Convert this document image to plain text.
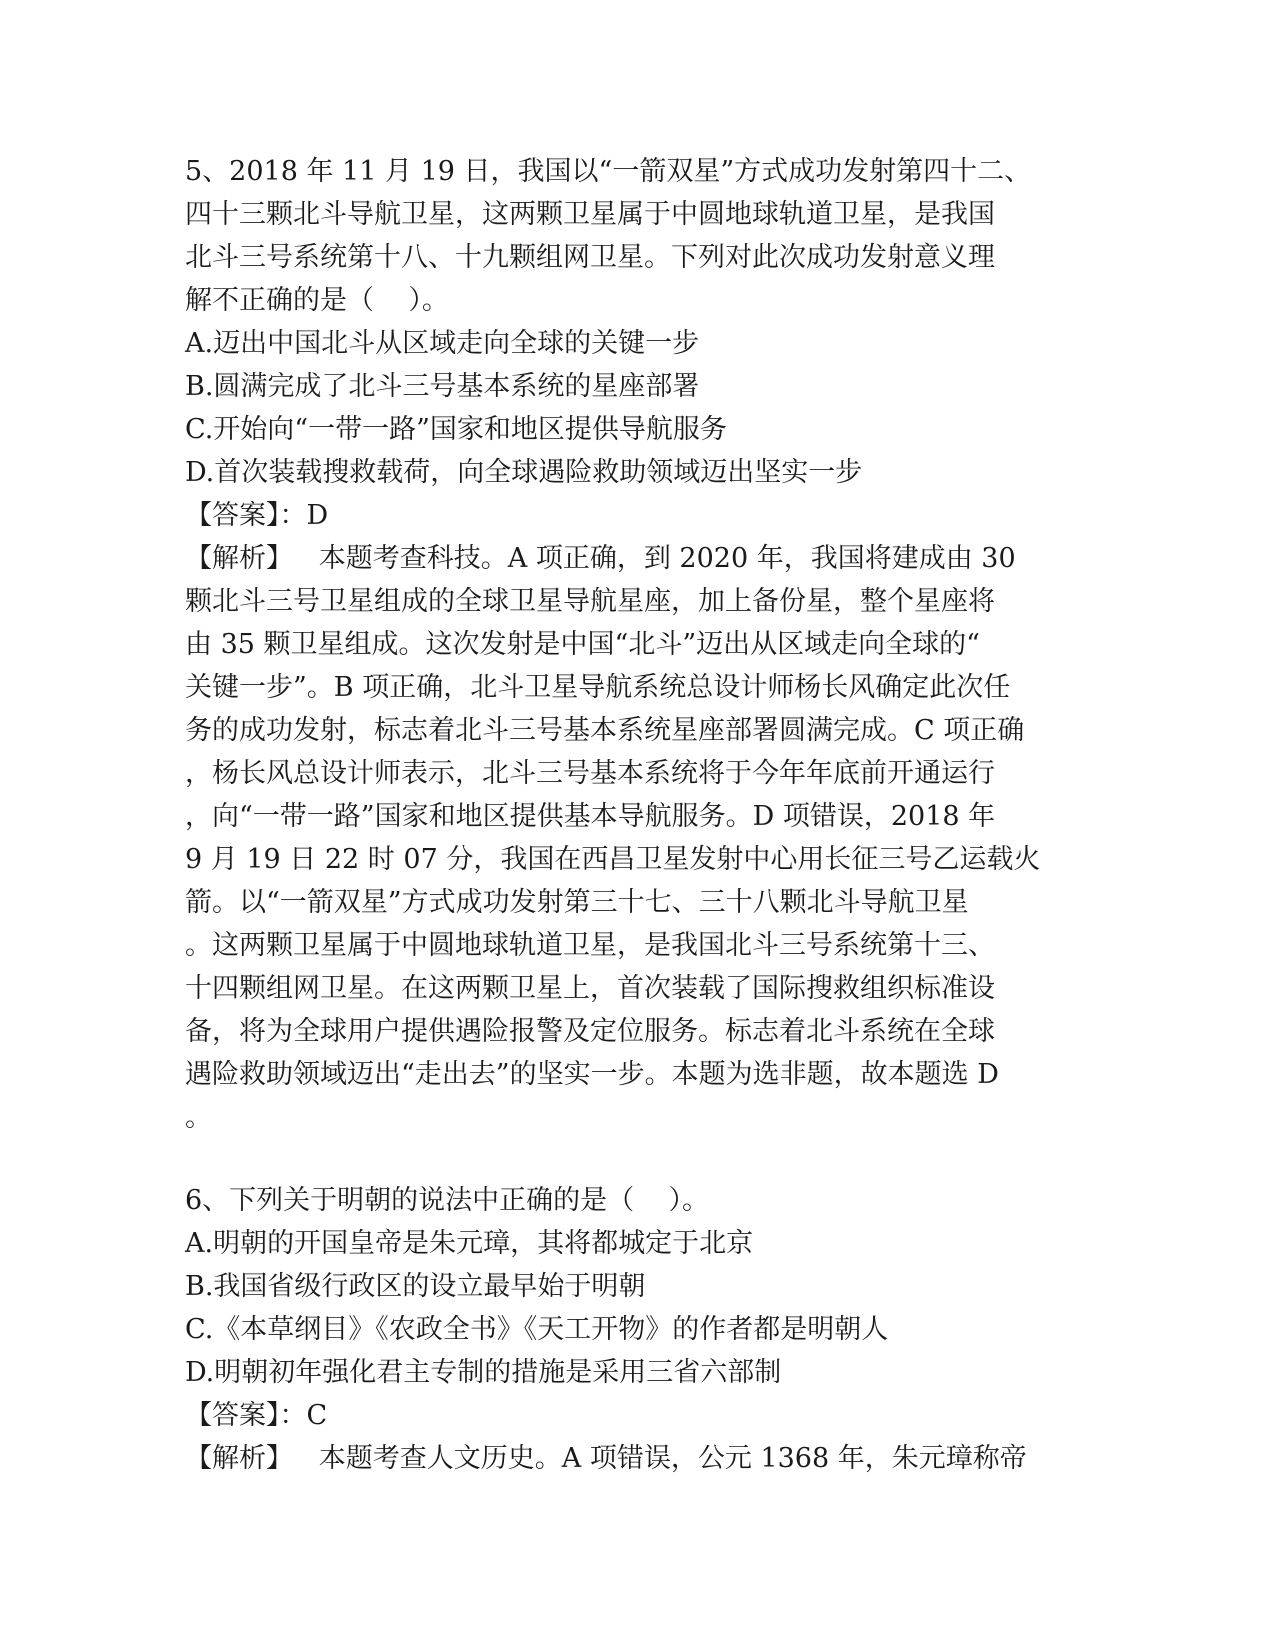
5、2018 年 11 月 19 日，我国以“一箭双星”方式成功发射第四十二、
四十三颗北斗导航卫星，这两颗卫星属于中圆地球轨道卫星，是我国
北斗三号系统第十八、十九颗组网卫星。下列对此次成功发射意义理
解不正确的是（    ）。
A.迈出中国北斗从区域走向全球的关键一步
B.圆满完成了北斗三号基本系统的星座部署
C.开始向“一带一路”国家和地区提供导航服务
D.首次装载搜救载荷，向全球遇险救助领域迈出坚实一步
【答案】：D
【解析】   本题考查科技。A 项正确，到 2020 年，我国将建成由 30
颗北斗三号卫星组成的全球卫星导航星座，加上备份星，整个星座将
由 35 颗卫星组成。这次发射是中国“北斗”迈出从区域走向全球的“
关键一步”。B 项正确，北斗卫星导航系统总设计师杨长风确定此次任
务的成功发射，标志着北斗三号基本系统星座部署圆满完成。C 项正确
，杨长风总设计师表示，北斗三号基本系统将于今年年底前开通运行
，向“一带一路”国家和地区提供基本导航服务。D 项错误，2018 年
9 月 19 日 22 时 07 分，我国在西昌卫星发射中心用长征三号乙运载火
箭。以“一箭双星”方式成功发射第三十七、三十八颗北斗导航卫星
。这两颗卫星属于中圆地球轨道卫星，是我国北斗三号系统第十三、
十四颗组网卫星。在这两颗卫星上，首次装载了国际搜救组织标准设
备，将为全球用户提供遇险报警及定位服务。标志着北斗系统在全球
遇险救助领域迈出“走出去”的坚实一步。本题为选非题，故本题选 D
。
6、下列关于明朝的说法中正确的是（    ）。
A.明朝的开国皇帝是朱元璋，其将都城定于北京
B.我国省级行政区的设立最早始于明朝
C.《本草纲目》《农政全书》《天工开物》的作者都是明朝人
D.明朝初年强化君主专制的措施是采用三省六部制
【答案】：C
【解析】   本题考查人文历史。A 项错误，公元 1368 年，朱元璋称帝
